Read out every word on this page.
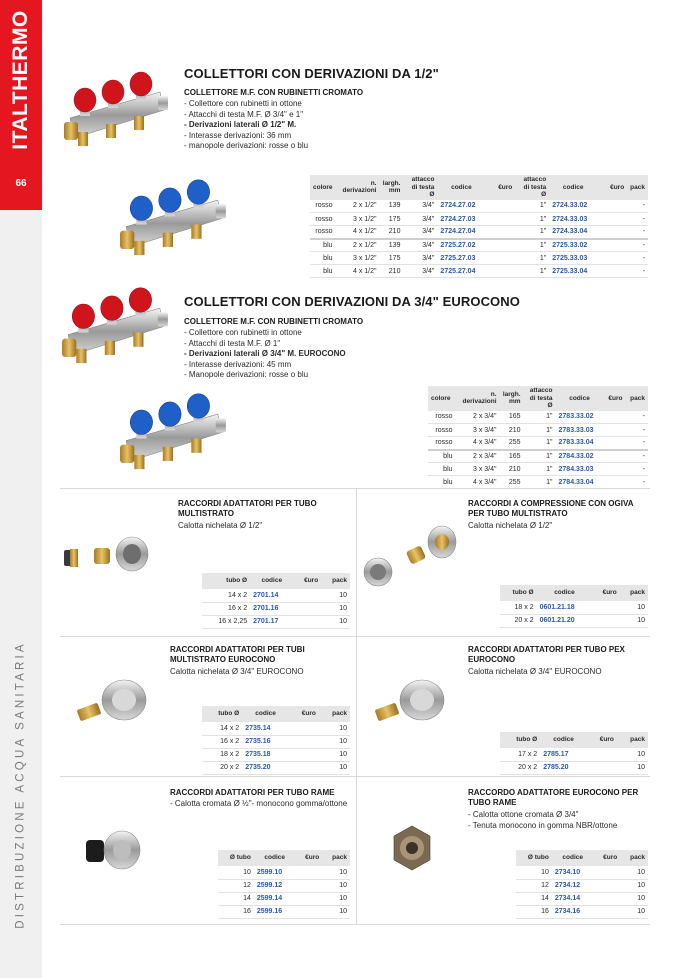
ITALTHERMO
66
DISTRIBUZIONE ACQUA SANITARIA
COLLETTORI CON DERIVAZIONI DA 1/2"
COLLETTORE M.F. CON RUBINETTI CROMATO
- Collettore con rubinetti in ottone
- Attacchi di testa M.F. Ø 3/4" e 1"
- Derivazioni laterali Ø 1/2" M.
- Interasse derivazioni: 36 mm
- manopole derivazioni: rosse o blu
colore	n. derivazioni	largh. mm	attacco di testa Ø	codice	€uro	attacco di testa Ø	codice	€uro	pack
rosso	2 x 1/2"	139	3/4"	2724.27.02		1"	2724.33.02		-
rosso	3 x 1/2"	175	3/4"	2724.27.03		1"	2724.33.03		-
rosso	4 x 1/2"	210	3/4"	2724.27.04		1"	2724.33.04		-
blu	2 x 1/2"	139	3/4"	2725.27.02		1"	2725.33.02		-
blu	3 x 1/2"	175	3/4"	2725.27.03		1"	2725.33.03		-
blu	4 x 1/2"	210	3/4"	2725.27.04		1"	2725.33.04		-
COLLETTORI CON DERIVAZIONI DA 3/4" EUROCONO
COLLETTORE M.F. CON RUBINETTI CROMATO
- Collettore con rubinetti in ottone
- Attacchi di testa M.F. Ø 1"
- Derivazioni laterali Ø 3/4" M. EUROCONO
- Interasse derivazioni: 45 mm
- Manopole derivazioni: rosse o blu
colore	n. derivazioni	largh. mm	attacco di testa Ø	codice	€uro	pack
rosso	2 x 3/4"	165	1"	2783.33.02		-
rosso	3 x 3/4"	210	1"	2783.33.03		-
rosso	4 x 3/4"	255	1"	2783.33.04		-
blu	2 x 3/4"	165	1"	2784.33.02		-
blu	3 x 3/4"	210	1"	2784.33.03		-
blu	4 x 3/4"	255	1"	2784.33.04		-
RACCORDI ADATTATORI PER TUBO MULTISTRATO
Calotta nichelata Ø 1/2"
tubo Ø	codice	€uro	pack
14 x 2	2701.14		10
16 x 2	2701.16		10
16 x 2,25	2701.17		10
RACCORDI A COMPRESSIONE CON OGIVA PER TUBO MULTISTRATO
Calotta nichelata Ø 1/2"
tubo Ø	codice	€uro	pack
18 x 2	0601.21.18		10
20 x 2	0601.21.20		10
RACCORDI ADATTATORI PER TUBI MULTISTRATO EUROCONO
Calotta nichelata Ø 3/4" EUROCONO
tubo Ø	codice	€uro	pack
14 x 2	2735.14		10
16 x 2	2735.16		10
18 x 2	2735.18		10
20 x 2	2735.20		10
RACCORDI ADATTATORI PER TUBO PEX EUROCONO
Calotta nichelata Ø 3/4" EUROCONO
tubo Ø	codice	€uro	pack
17 x 2	2785.17		10
20 x 2	2785.20		10
RACCORDI ADATTATORI PER TUBO RAME
- Calotta cromata Ø ½"- monocono gomma/ottone
Ø tubo	codice	€uro	pack
10	2599.10		10
12	2599.12		10
14	2599.14		10
16	2599.16		10
RACCORDO ADATTATORE EUROCONO PER TUBO RAME
- Calotta ottone cromata Ø 3/4"
- Tenuta monocono in gomma NBR/ottone
Ø tubo	codice	€uro	pack
10	2734.10		10
12	2734.12		10
14	2734.14		10
16	2734.16		10
